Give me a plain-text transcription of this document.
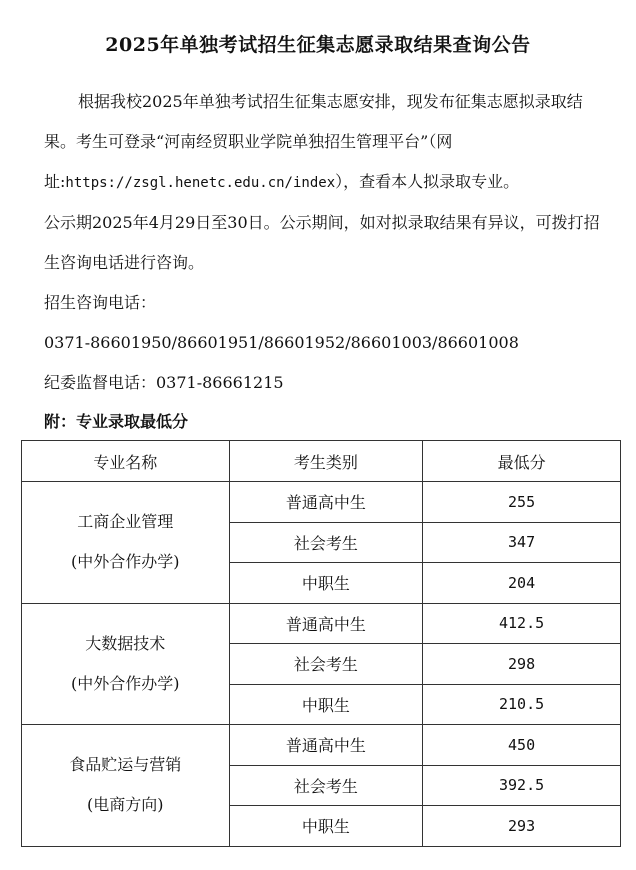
2025年单独考试招生征集志愿录取结果查询公告

根据我校2025年单独考试招生征集志愿安排，现发布征集志愿拟录取结果。考生可登录“河南经贸职业学院单独招生管理平台”（网址:https://zsgl.henetc.edu.cn/index），查看本人拟录取专业。

公示期2025年4月29日至30日。公示期间，如对拟录取结果有异议，可拨打招生咨询电话进行咨询。

招生咨询电话：

0371-86601950/86601951/86601952/86601003/86601008

纪委监督电话：0371-86661215

附：专业录取最低分
专业名称	考生类别	最低分

工商企业管理
(中外合作办学)	普通高中生	255
	社会考生	347
	中职生	204

大数据技术
(中外合作办学)	普通高中生	412.5
	社会考生	298
	中职生	210.5

食品贮运与营销
(电商方向)	普通高中生	450
	社会考生	392.5
	中职生	293
